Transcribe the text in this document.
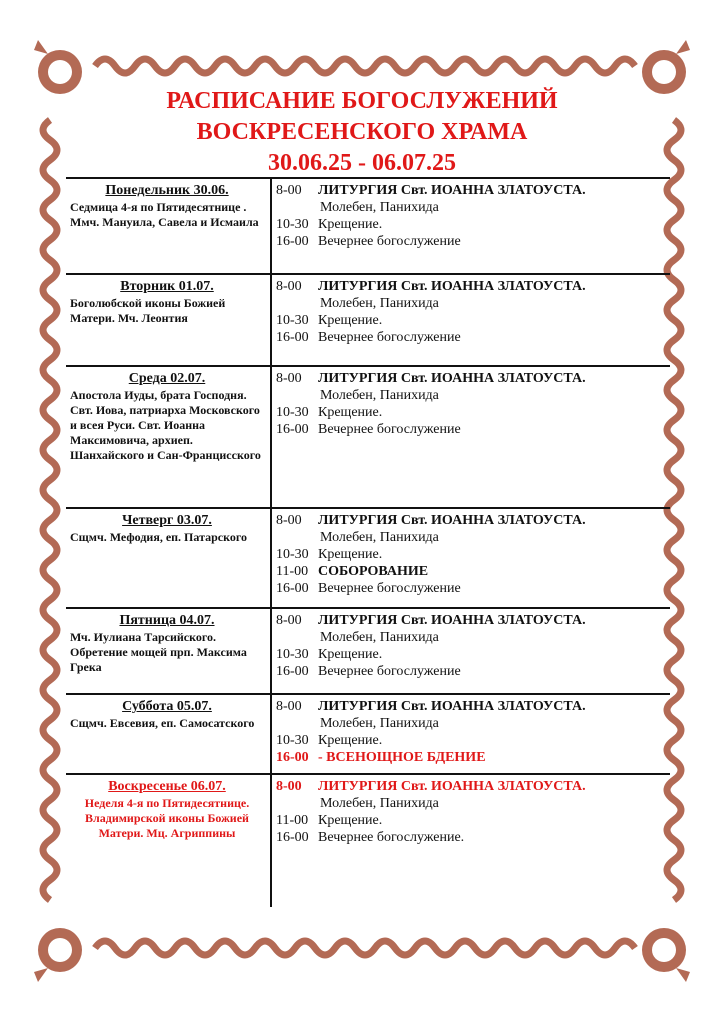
РАСПИСАНИЕ БОГОСЛУЖЕНИЙ
ВОСКРЕСЕНСКОГО ХРАМА
30.06.25 - 06.07.25
Понедельник 30.06.
Седмица 4-я по Пятидесятнице . Ммч. Мануила, Савела и Исмаила
8-00 ЛИТУРГИЯ Свт. ИОАННА ЗЛАТОУСТА.
Молебен, Панихида
10-30 Крещение.
16-00 Вечернее богослужение
Вторник 01.07.
Боголюбской иконы Божией Матери. Мч. Леонтия
8-00 ЛИТУРГИЯ Свт. ИОАННА ЗЛАТОУСТА.
Молебен, Панихида
10-30 Крещение.
16-00 Вечернее богослужение
Среда 02.07.
Апостола Иуды, брата Господня. Свт. Иова, патриарха Московского и всея Руси. Свт. Иоанна Максимовича, архиеп. Шанхайского и Сан-Францисского
8-00 ЛИТУРГИЯ Свт. ИОАННА ЗЛАТОУСТА.
Молебен, Панихида
10-30 Крещение.
16-00 Вечернее богослужение
Четверг 03.07.
Сщмч. Мефодия, еп. Патарского
8-00 ЛИТУРГИЯ Свт. ИОАННА ЗЛАТОУСТА.
Молебен, Панихида
10-30 Крещение.
11-00 СОБОРОВАНИЕ
16-00 Вечернее богослужение
Пятница 04.07.
Мч. Иулиана Тарсийского. Обретение мощей прп. Максима Грека
8-00 ЛИТУРГИЯ Свт. ИОАННА ЗЛАТОУСТА.
Молебен, Панихида
10-30 Крещение.
16-00 Вечернее богослужение
Суббота 05.07.
Сщмч. Евсевия, еп. Самосатского
8-00 ЛИТУРГИЯ Свт. ИОАННА ЗЛАТОУСТА.
Молебен, Панихида
10-30 Крещение.
16-00 - ВСЕНОЩНОЕ БДЕНИЕ
Воскресенье 06.07.
Неделя 4-я по Пятидесятнице. Владимирской иконы Божией Матери. Мц. Агриппины
8-00 ЛИТУРГИЯ Свт. ИОАННА ЗЛАТОУСТА.
Молебен, Панихида
11-00 Крещение.
16-00 Вечернее богослужение.
